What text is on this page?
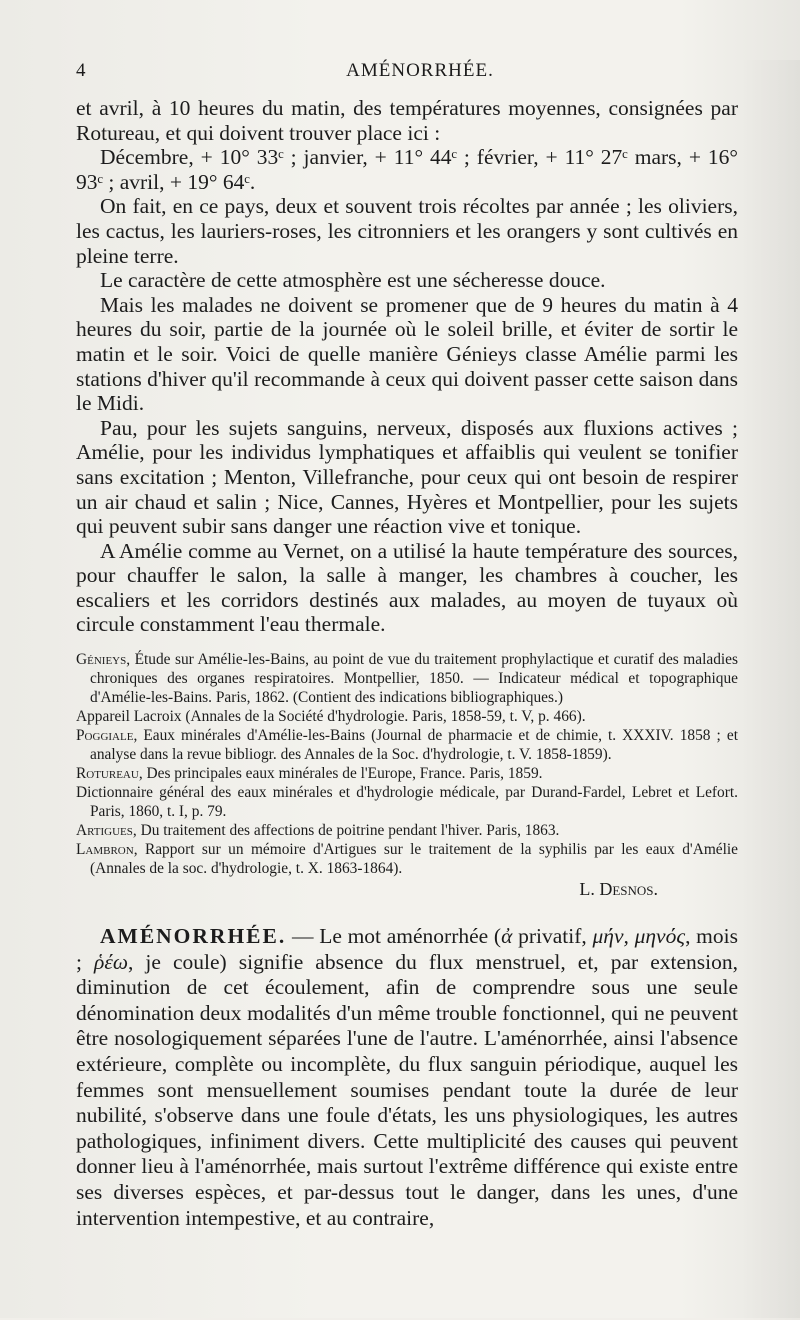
4	AMÉNORRHÉE.

et avril, à 10 heures du matin, des températures moyennes, consignées par Rotureau, et qui doivent trouver place ici :

Décembre, + 10° 33ᶜ ; janvier, + 11° 44ᶜ ; février, + 11° 27ᶜ mars, + 16° 93ᶜ ; avril, + 19° 64ᶜ.

On fait, en ce pays, deux et souvent trois récoltes par année ; les oliviers, les cactus, les lauriers-roses, les citronniers et les orangers y sont cultivés en pleine terre.

Le caractère de cette atmosphère est une sécheresse douce.

Mais les malades ne doivent se promener que de 9 heures du matin à 4 heures du soir, partie de la journée où le soleil brille, et éviter de sortir le matin et le soir. Voici de quelle manière Génieys classe Amélie parmi les stations d'hiver qu'il recommande à ceux qui doivent passer cette saison dans le Midi.

Pau, pour les sujets sanguins, nerveux, disposés aux fluxions actives ; Amélie, pour les individus lymphatiques et affaiblis qui veulent se tonifier sans excitation ; Menton, Villefranche, pour ceux qui ont besoin de respirer un air chaud et salin ; Nice, Cannes, Hyères et Montpellier, pour les sujets qui peuvent subir sans danger une réaction vive et tonique.

A Amélie comme au Vernet, on a utilisé la haute température des sources, pour chauffer le salon, la salle à manger, les chambres à coucher, les escaliers et les corridors destinés aux malades, au moyen de tuyaux où circule constamment l'eau thermale.

Génieys, Étude sur Amélie-les-Bains, au point de vue du traitement prophylactique et curatif des maladies chroniques des organes respiratoires. Montpellier, 1850. — Indicateur médical et topographique d'Amélie-les-Bains. Paris, 1862. (Contient des indications bibliographiques.)

Appareil Lacroix (Annales de la Société d'hydrologie. Paris, 1858-59, t. V, p. 466).

Poggiale, Eaux minérales d'Amélie-les-Bains (Journal de pharmacie et de chimie, t. XXXIV. 1858 ; et analyse dans la revue bibliogr. des Annales de la Soc. d'hydrologie, t. V. 1858-1859).

Rotureau, Des principales eaux minérales de l'Europe, France. Paris, 1859.

Dictionnaire général des eaux minérales et d'hydrologie médicale, par Durand-Fardel, Lebret et Lefort. Paris, 1860, t. I, p. 79.

Artigues, Du traitement des affections de poitrine pendant l'hiver. Paris, 1863.

Lambron, Rapport sur un mémoire d'Artigues sur le traitement de la syphilis par les eaux d'Amélie (Annales de la soc. d'hydrologie, t. X. 1863-1864).

L. Desnos.

AMÉNORRHÉE. — Le mot aménorrhée (ἀ privatif, μήν, μηνός, mois ; ῥέω, je coule) signifie absence du flux menstruel, et, par extension, diminution de cet écoulement, afin de comprendre sous une seule dénomination deux modalités d'un même trouble fonctionnel, qui ne peuvent être nosologiquement séparées l'une de l'autre. L'aménorrhée, ainsi l'absence extérieure, complète ou incomplète, du flux sanguin périodique, auquel les femmes sont mensuellement soumises pendant toute la durée de leur nubilité, s'observe dans une foule d'états, les uns physiologiques, les autres pathologiques, infiniment divers. Cette multiplicité des causes qui peuvent donner lieu à l'aménorrhée, mais surtout l'extrême différence qui existe entre ses diverses espèces, et par-dessus tout le danger, dans les unes, d'une intervention intempestive, et au contraire,
